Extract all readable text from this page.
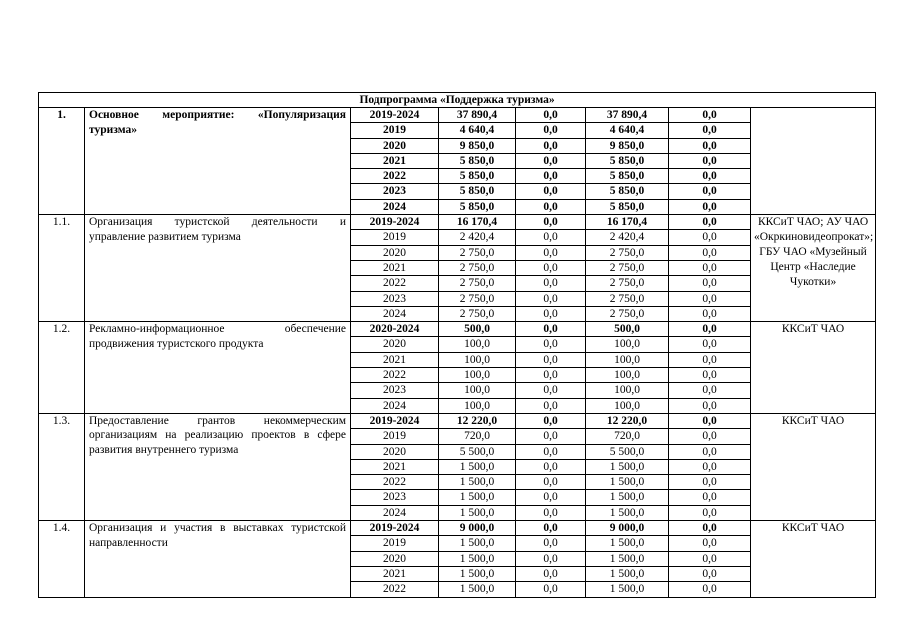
Подпрограмма «Поддержка туризма»							
1.	Основное мероприятие: «Популяризация туризма»	2019-2024	37 890,4	0,0	37 890,4	0,0	
		2019	4 640,4	0,0	4 640,4	0,0	
		2020	9 850,0	0,0	9 850,0	0,0	
		2021	5 850,0	0,0	5 850,0	0,0	
		2022	5 850,0	0,0	5 850,0	0,0	
		2023	5 850,0	0,0	5 850,0	0,0	
		2024	5 850,0	0,0	5 850,0	0,0	
1.1.	Организация туристской деятельности и управление развитием туризма	2019-2024	16 170,4	0,0	16 170,4	0,0	ККСиТ ЧАО; АУ ЧАО «Окркиновидеопрокат»; ГБУ ЧАО «Музейный Центр «Наследие Чукотки»
		2019	2 420,4	0,0	2 420,4	0,0	
		2020	2 750,0	0,0	2 750,0	0,0	
		2021	2 750,0	0,0	2 750,0	0,0	
		2022	2 750,0	0,0	2 750,0	0,0	
		2023	2 750,0	0,0	2 750,0	0,0	
		2024	2 750,0	0,0	2 750,0	0,0	
1.2.	Рекламно-информационное обеспечение продвижения туристского продукта	2020-2024	500,0	0,0	500,0	0,0	ККСиТ ЧАО
		2020	100,0	0,0	100,0	0,0	
		2021	100,0	0,0	100,0	0,0	
		2022	100,0	0,0	100,0	0,0	
		2023	100,0	0,0	100,0	0,0	
		2024	100,0	0,0	100,0	0,0	
1.3.	Предоставление грантов некоммерческим организациям на реализацию проектов в сфере развития внутреннего туризма	2019-2024	12 220,0	0,0	12 220,0	0,0	ККСиТ ЧАО
		2019	720,0	0,0	720,0	0,0	
		2020	5 500,0	0,0	5 500,0	0,0	
		2021	1 500,0	0,0	1 500,0	0,0	
		2022	1 500,0	0,0	1 500,0	0,0	
		2023	1 500,0	0,0	1 500,0	0,0	
		2024	1 500,0	0,0	1 500,0	0,0	
1.4.	Организация и участия в выставках туристской направленности	2019-2024	9 000,0	0,0	9 000,0	0,0	ККСиТ ЧАО
		2019	1 500,0	0,0	1 500,0	0,0	
		2020	1 500,0	0,0	1 500,0	0,0	
		2021	1 500,0	0,0	1 500,0	0,0	
		2022	1 500,0	0,0	1 500,0	0,0	
